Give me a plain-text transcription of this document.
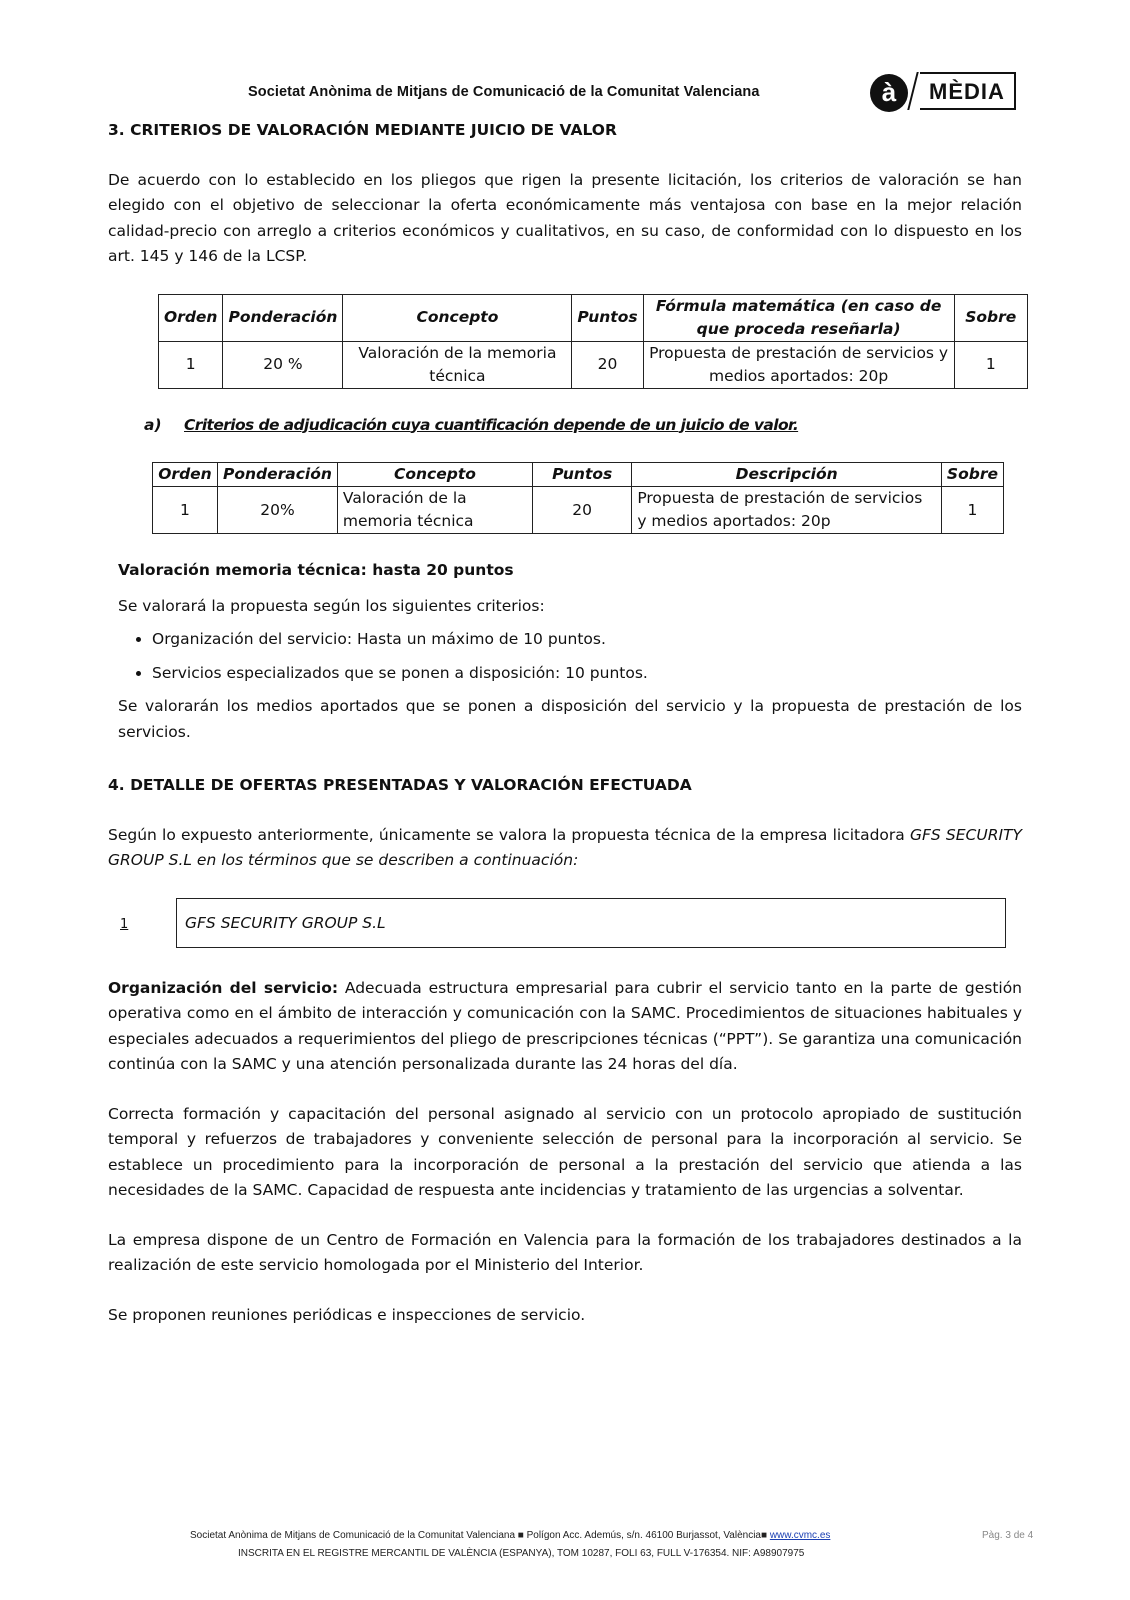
Societat Anònima de Mitjans de Comunicació de la Comunitat Valenciana	à	MÈDIA
3. CRITERIOS DE VALORACIÓN MEDIANTE JUICIO DE VALOR

De acuerdo con lo establecido en los pliegos que rigen la presente licitación, los criterios de valoración se han elegido con el objetivo de seleccionar la oferta económicamente más ventajosa con base en la mejor relación calidad-precio con arreglo a criterios económicos y cualitativos, en su caso, de conformidad con lo dispuesto en los art. 145 y 146 de la LCSP.

Orden	Ponderación	Concepto	Puntos	Fórmula matemática (en caso de que proceda reseñarla)	Sobre
1	20 %	Valoración de la memoria técnica	20	Propuesta de prestación de servicios y medios aportados: 20p	1

a) Criterios de adjudicación cuya cuantificación depende de un juicio de valor.

Orden	Ponderación	Concepto	Puntos	Descripción	Sobre
1	20%	Valoración de la memoria técnica	20	Propuesta de prestación de servicios y medios aportados: 20p	1

Valoración memoria técnica: hasta 20 puntos

Se valorará la propuesta según los siguientes criterios:

• Organización del servicio: Hasta un máximo de 10 puntos.
• Servicios especializados que se ponen a disposición: 10 puntos.

Se valorarán los medios aportados que se ponen a disposición del servicio y la propuesta de prestación de los servicios.

4. DETALLE DE OFERTAS PRESENTADAS Y VALORACIÓN EFECTUADA

Según lo expuesto anteriormente, únicamente se valora la propuesta técnica de la empresa licitadora GFS SECURITY GROUP S.L en los términos que se describen a continuación:

1	GFS SECURITY GROUP S.L

Organización del servicio: Adecuada estructura empresarial para cubrir el servicio tanto en la parte de gestión operativa como en el ámbito de interacción y comunicación con la SAMC. Procedimientos de situaciones habituales y especiales adecuados a requerimientos del pliego de prescripciones técnicas (“PPT”). Se garantiza una comunicación continúa con la SAMC y una atención personalizada durante las 24 horas del día.

Correcta formación y capacitación del personal asignado al servicio con un protocolo apropiado de sustitución temporal y refuerzos de trabajadores y conveniente selección de personal para la incorporación al servicio. Se establece un procedimiento para la incorporación de personal a la prestación del servicio que atienda a las necesidades de la SAMC. Capacidad de respuesta ante incidencias y tratamiento de las urgencias a solventar.

La empresa dispone de un Centro de Formación en Valencia para la formación de los trabajadores destinados a la realización de este servicio homologada por el Ministerio del Interior.

Se proponen reuniones periódicas e inspecciones de servicio.

Societat Anònima de Mitjans de Comunicació de la Comunitat Valenciana ■ Polígon Acc. Ademús, s/n. 46100 Burjassot, València■ www.cvmc.es	Pàg. 3 de 4
INSCRITA EN EL REGISTRE MERCANTIL DE VALÈNCIA (ESPANYA), TOM 10287, FOLI 63, FULL V-176354. NIF: A98907975
